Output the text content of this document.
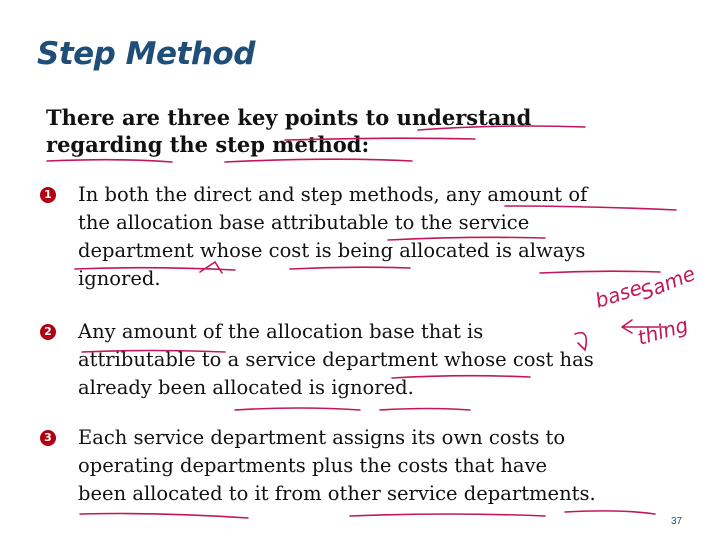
Step Method
There are three key points to understand
regarding the step method:
1	In both the direct and step methods, any amount of
the allocation base attributable to the service
department whose cost is being allocated is always
ignored.
2	Any amount of the allocation base that is
attributable to a service department whose cost has
already been allocated is ignored.
3	Each service department assigns its own costs to
operating departments plus the costs that have
been allocated to it from other service departments.
37
base
Same
thing
